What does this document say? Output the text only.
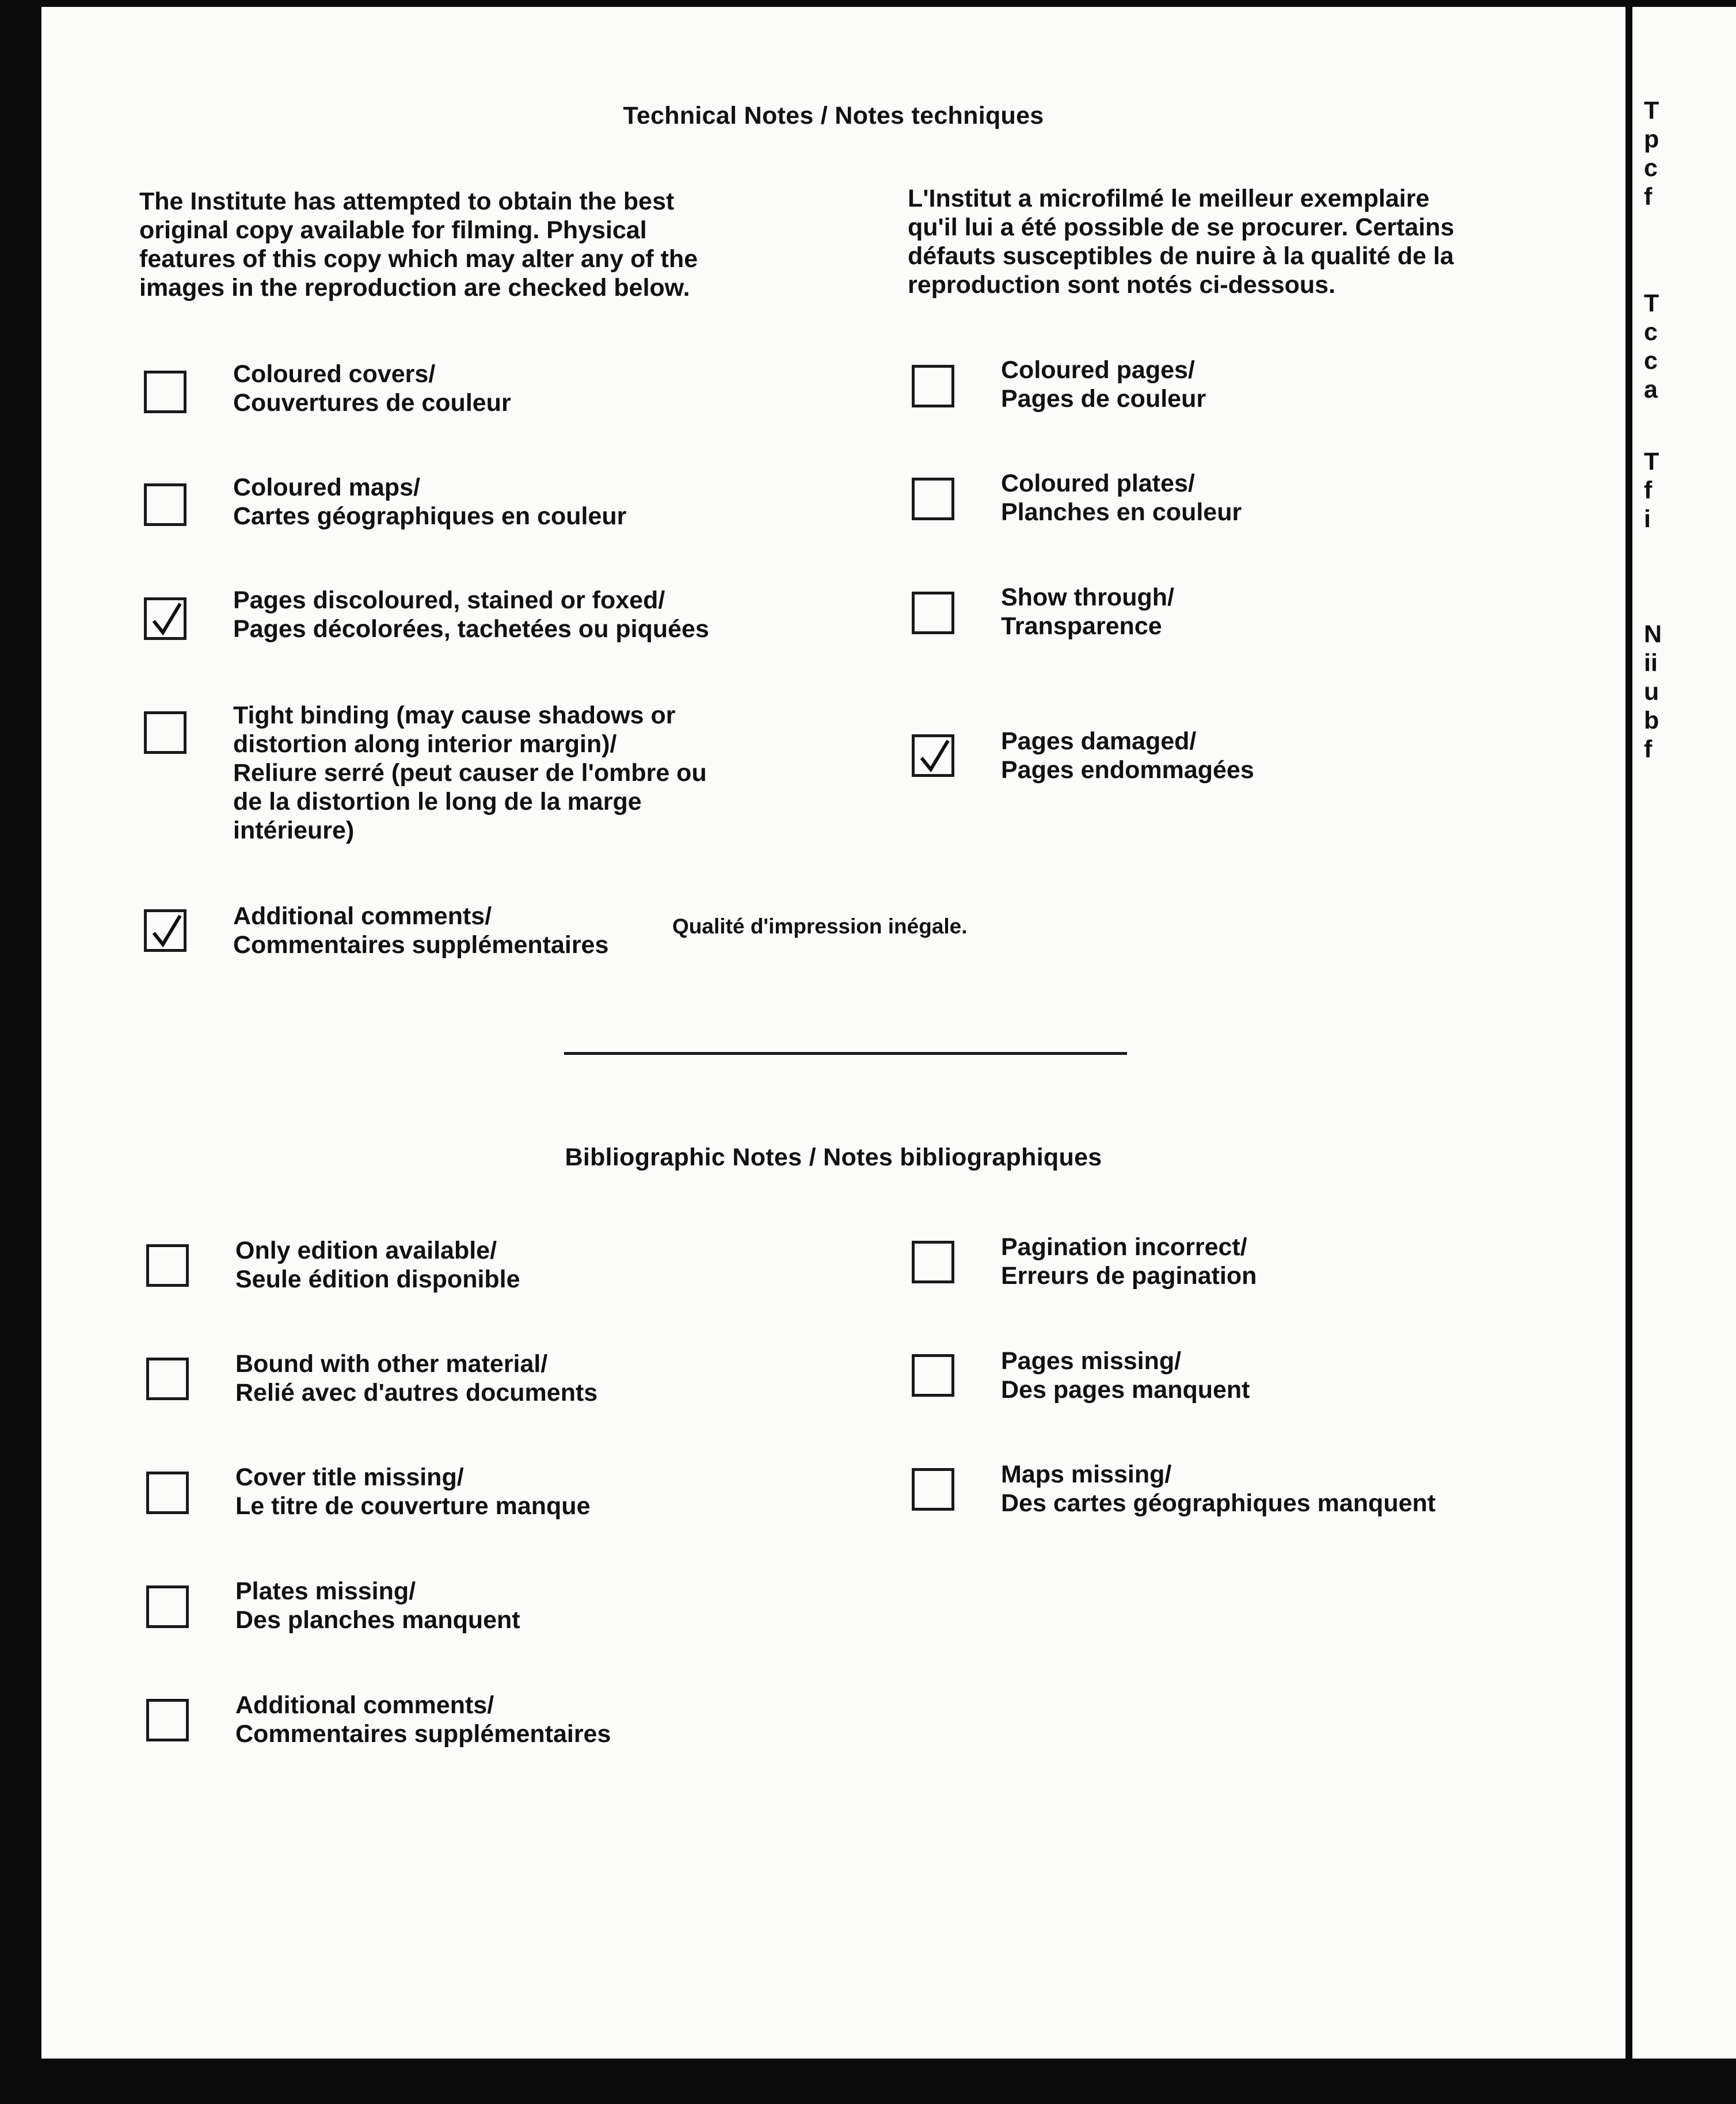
Technical Notes / Notes techniques
The Institute has attempted to obtain the best
original copy available for filming. Physical
features of this copy which may alter any of the
images in the reproduction are checked below.
L'Institut a microfilmé le meilleur exemplaire
qu'il lui a été possible de se procurer. Certains
défauts susceptibles de nuire à la qualité de la
reproduction sont notés ci-dessous.
Coloured covers/
Couvertures de couleur
Coloured maps/
Cartes géographiques en couleur
Pages discoloured, stained or foxed/
Pages décolorées, tachetées ou piquées
Tight binding (may cause shadows or
distortion along interior margin)/
Reliure serré (peut causer de l'ombre ou
de la distortion le long de la marge
intérieure)
Additional comments/
Commentaires supplémentaires
Qualité d'impression inégale.
Coloured pages/
Pages de couleur
Coloured plates/
Planches en couleur
Show through/
Transparence
Pages damaged/
Pages endommagées
Bibliographic Notes / Notes bibliographiques
Only edition available/
Seule édition disponible
Bound with other material/
Relié avec d'autres documents
Cover title missing/
Le titre de couverture manque
Plates missing/
Des planches manquent
Additional comments/
Commentaires supplémentaires
Pagination incorrect/
Erreurs de pagination
Pages missing/
Des pages manquent
Maps missing/
Des cartes géographiques manquent
T
p
c
f
T
c
c
a
T
f
i
N
ii
u
b
f
